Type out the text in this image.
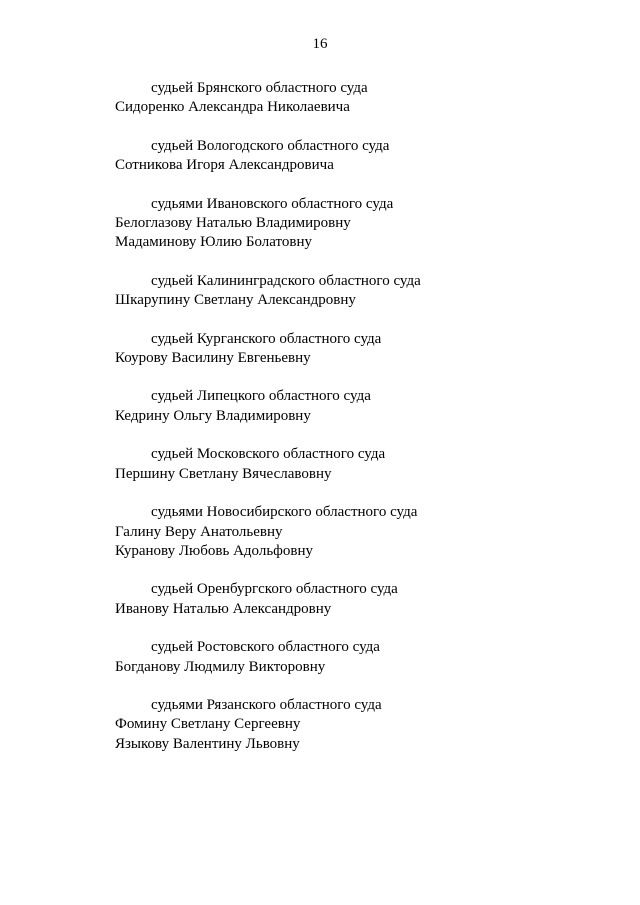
16
судьей Брянского областного суда
Сидоренко Александра Николаевича
судьей Вологодского областного суда
Сотникова Игоря Александровича
судьями Ивановского областного суда
Белоглазову Наталью Владимировну
Мадаминову Юлию Болатовну
судьей Калининградского областного суда
Шкарупину Светлану Александровну
судьей Курганского областного суда
Коурову Василину Евгеньевну
судьей Липецкого областного суда
Кедрину Ольгу Владимировну
судьей Московского областного суда
Першину Светлану Вячеславовну
судьями Новосибирского областного суда
Галину Веру Анатольевну
Куранову Любовь Адольфовну
судьей Оренбургского областного суда
Иванову Наталью Александровну
судьей Ростовского областного суда
Богданову Людмилу Викторовну
судьями Рязанского областного суда
Фомину Светлану Сергеевну
Языкову Валентину Львовну
